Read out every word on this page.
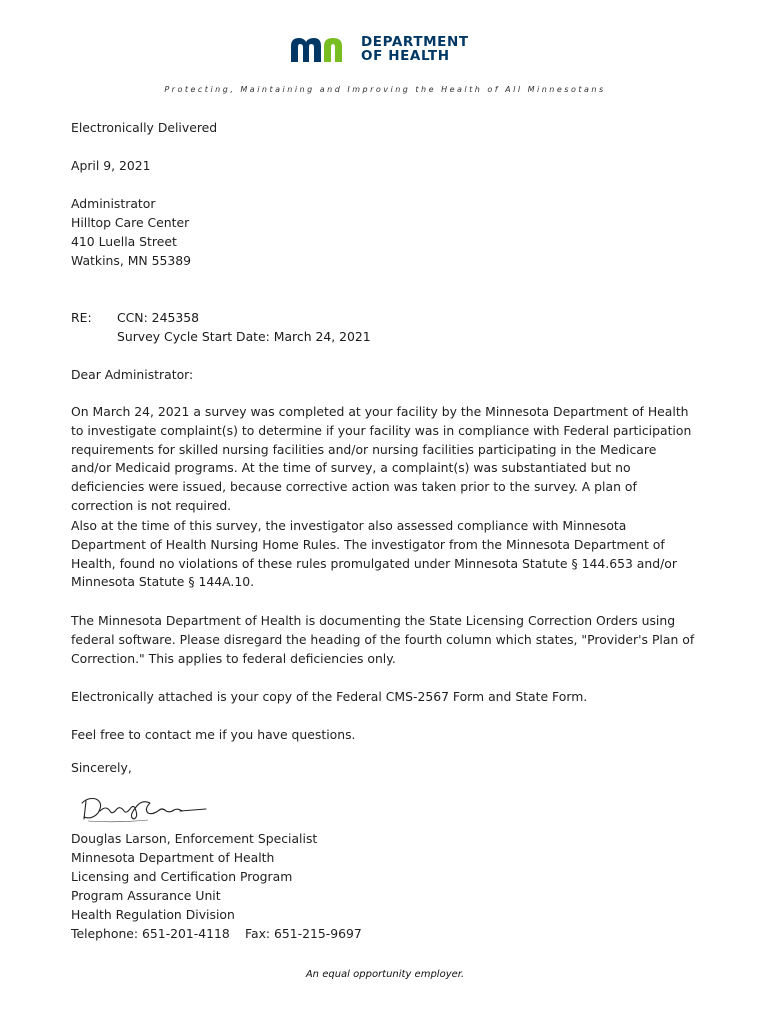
DEPARTMENT
OF HEALTH
Protecting, Maintaining and Improving the Health of All Minnesotans
Electronically Delivered
April 9, 2021
Administrator
Hilltop Care Center
410 Luella Street
Watkins, MN 55389
RE: CCN: 245358
Survey Cycle Start Date: March 24, 2021
Dear Administrator:

On March 24, 2021 a survey was completed at your facility by the Minnesota Department of Health to investigate complaint(s) to determine if your facility was in compliance with Federal participation requirements for skilled nursing facilities and/or nursing facilities participating in the Medicare and/or Medicaid programs. At the time of survey, a complaint(s) was substantiated but no deficiencies were issued, because corrective action was taken prior to the survey. A plan of correction is not required.

Also at the time of this survey, the investigator also assessed compliance with Minnesota Department of Health Nursing Home Rules. The investigator from the Minnesota Department of Health, found no violations of these rules promulgated under Minnesota Statute § 144.653 and/or Minnesota Statute § 144A.10.

The Minnesota Department of Health is documenting the State Licensing Correction Orders using federal software. Please disregard the heading of the fourth column which states, "Provider's Plan of Correction." This applies to federal deficiencies only.

Electronically attached is your copy of the Federal CMS-2567 Form and State Form.

Feel free to contact me if you have questions.

Sincerely,
Douglas Larson, Enforcement Specialist
Minnesota Department of Health
Licensing and Certification Program
Program Assurance Unit
Health Regulation Division
Telephone: 651-201-4118 Fax: 651-215-9697
An equal opportunity employer.
